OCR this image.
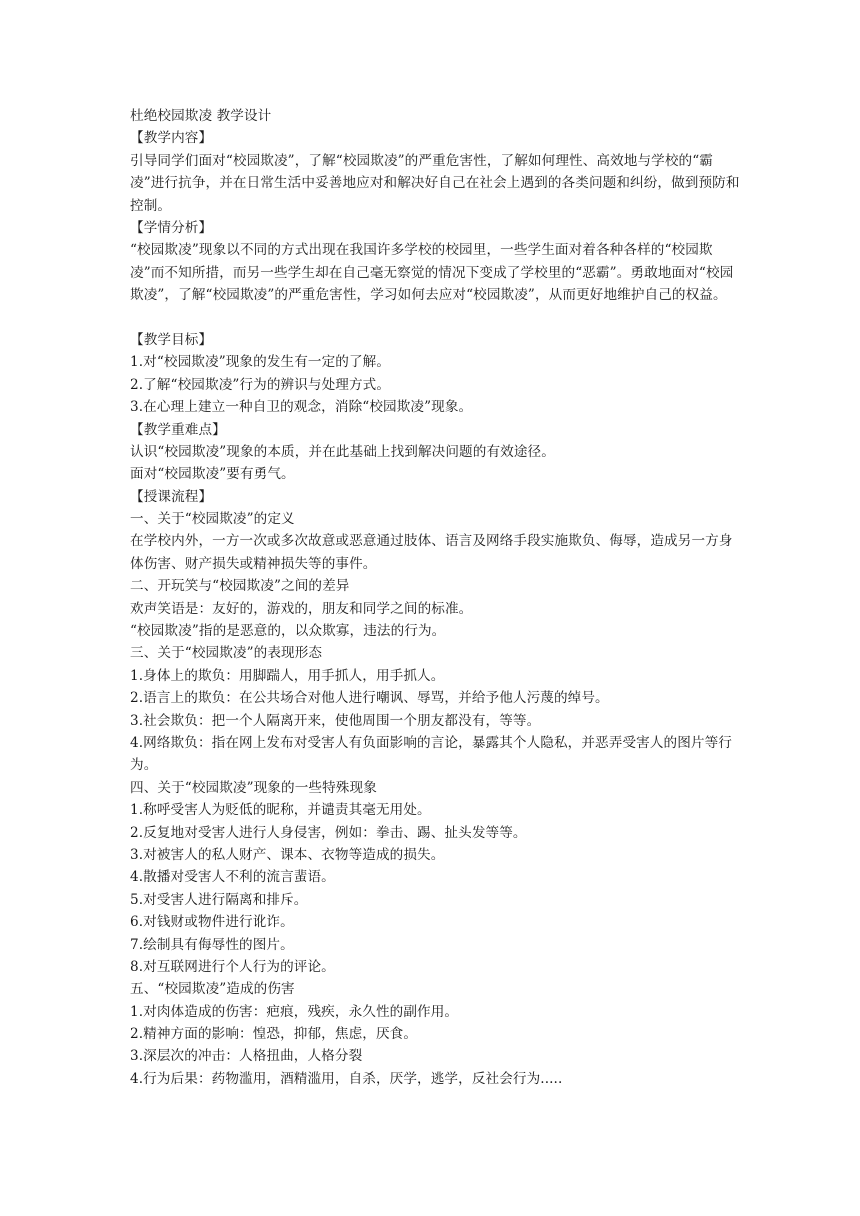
杜绝校园欺凌 教学设计
【教学内容】
引导同学们面对“校园欺凌”，了解“校园欺凌”的严重危害性，了解如何理性、高效地与学校的“霸凌”进行抗争，并在日常生活中妥善地应对和解决好自己在社会上遇到的各类问题和纠纷，做到预防和控制。
【学情分析】
“校园欺凌”现象以不同的方式出现在我国许多学校的校园里，一些学生面对着各种各样的“校园欺凌”而不知所措，而另一些学生却在自己毫无察觉的情况下变成了学校里的“恶霸”。勇敢地面对“校园欺凌”，了解“校园欺凌”的严重危害性，学习如何去应对“校园欺凌”，从而更好地维护自己的权益。
【教学目标】
1.对“校园欺凌”现象的发生有一定的了解。
2.了解“校园欺凌”行为的辨识与处理方式。
3.在心理上建立一种自卫的观念，消除“校园欺凌”现象。
【教学重难点】
认识“校园欺凌”现象的本质，并在此基础上找到解决问题的有效途径。
面对“校园欺凌”要有勇气。
【授课流程】
一、关于“校园欺凌”的定义
在学校内外，一方一次或多次故意或恶意通过肢体、语言及网络手段实施欺负、侮辱，造成另一方身体伤害、财产损失或精神损失等的事件。
二、开玩笑与“校园欺凌”之间的差异
欢声笑语是：友好的，游戏的，朋友和同学之间的标准。
“校园欺凌”指的是恶意的，以众欺寡，违法的行为。
三、关于“校园欺凌”的表现形态
1.身体上的欺负：用脚踹人，用手抓人，用手抓人。
2.语言上的欺负：在公共场合对他人进行嘲讽、辱骂，并给予他人污蔑的绰号。
3.社会欺负：把一个人隔离开来，使他周围一个朋友都没有，等等。
4.网络欺负：指在网上发布对受害人有负面影响的言论，暴露其个人隐私，并恶弄受害人的图片等行为。
四、关于“校园欺凌”现象的一些特殊现象
1.称呼受害人为贬低的昵称，并谴责其毫无用处。
2.反复地对受害人进行人身侵害，例如：拳击、踢、扯头发等等。
3.对被害人的私人财产、课本、衣物等造成的损失。
4.散播对受害人不利的流言蜚语。
5.对受害人进行隔离和排斥。
6.对钱财或物件进行讹诈。
7.绘制具有侮辱性的图片。
8.对互联网进行个人行为的评论。
五、“校园欺凌”造成的伤害
1.对肉体造成的伤害：疤痕，残疾，永久性的副作用。
2.精神方面的影响：惶恐，抑郁，焦虑，厌食。
3.深层次的冲击：人格扭曲，人格分裂
4.行为后果：药物滥用，酒精滥用，自杀，厌学，逃学，反社会行为.....
